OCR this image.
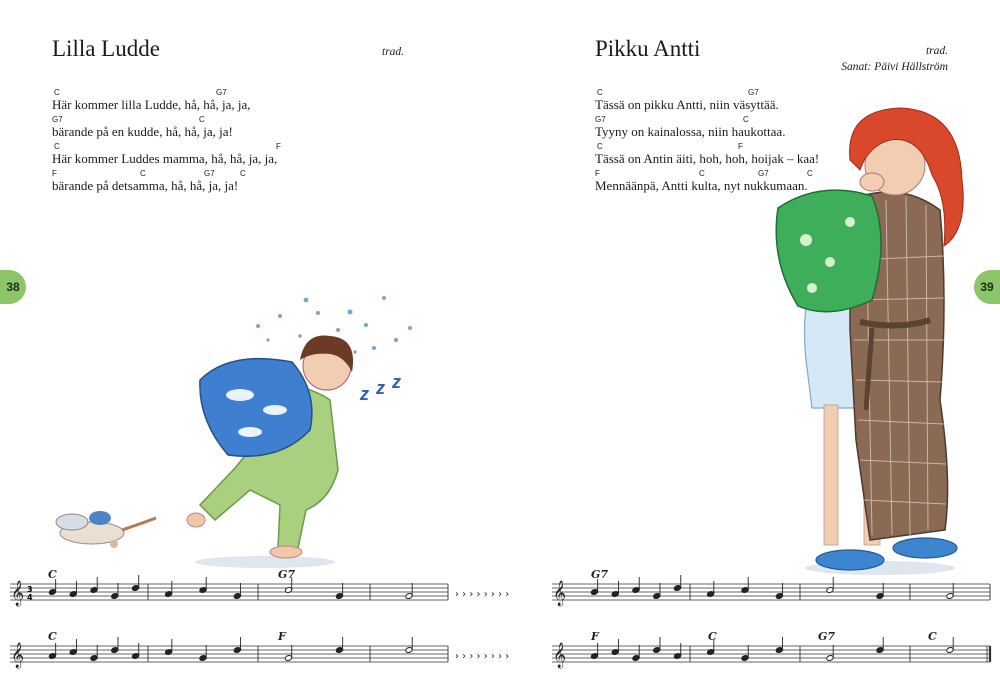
z z z
Lilla Ludde	trad.
C	G7
Här kommer lilla Ludde, hå, hå, ja, ja,
G7	C
bärande på en kudde, hå, hå, ja, ja!
C	F
Här kommer Luddes mamma, hå, hå, ja, ja,
F	C	G7	C
bärande på detsamma, hå, hå, ja, ja!
38
𝄞 3
4
C	G7
› › › › › › › ›
𝄞
C	F
› › › › › › › ›
Pikku Antti	trad.
Sanat: Päivi Hällström
C	G7
Tässä on pikku Antti, niin väsyttää.
G7	C
Tyyny on kainalossa, niin haukottaa.
C	F
Tässä on Antin äiti, hoh, hoh, hoijak – kaa!
F	C	G7	C
Mennäänpä, Antti kulta, nyt nukkumaan.
39
𝄞
G7
𝄞
F	C	G7	C
